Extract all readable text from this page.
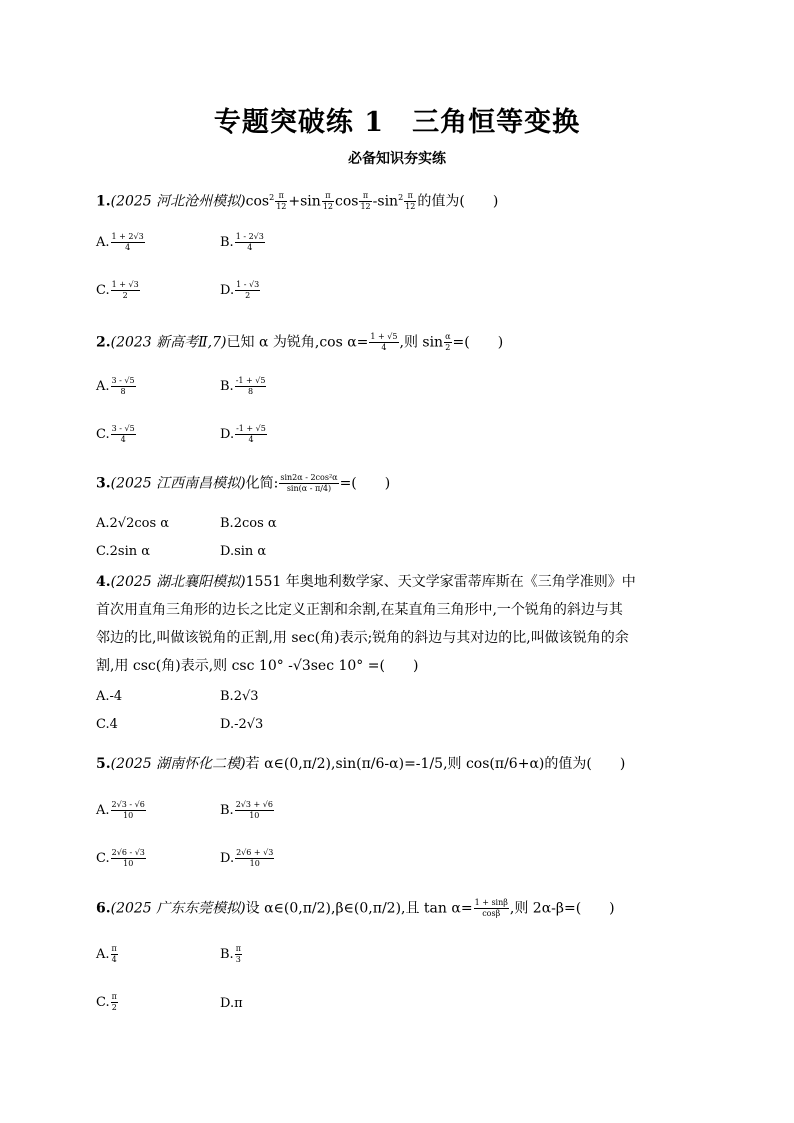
专题突破练 1　三角恒等变换
必备知识夯实练
1.(2025 河北沧州模拟)$\cos^2 \frac{\pi}{12} +\sin \frac{\pi}{12}$ $\cos \frac{\pi}{12} -\sin^2 \frac{\pi}{12}$ 的值为(　　)
A. $\frac{1 + 2√3}{4}$	B. $\frac{1 - 2√3}{4}$
C. $\frac{1 + √3}{2}$	D. $\frac{1 - √3}{2}$
2.(2023 新高考Ⅱ,7)已知 α 为锐角,cos $\alpha= \frac{1 + √5}{4}$ ,则 $\sin \frac{\alpha}{2}$ =(　　)
A. $\frac{3 - √5}{8}$	B. $\frac{-1 + √5}{8}$
C. $\frac{3 - √5}{4}$	D. $\frac{-1 + √5}{4}$
3.(2025 江西南昌模拟)化简: $\frac{\text{sin2α - 2cos²α}}{\sin(\alpha - \pi/4)}$ =(　　)
A.2√2cos α	B.2cos α
C.2sin α	D.sin α
4.(2025 湖北襄阳模拟)1551 年奥地利数学家、天文学家雷蒂库斯在《三角学准则》中
首次用直角三角形的边长之比定义正割和余割,在某直角三角形中,一个锐角的斜边与其
邻边的比,叫做该锐角的正割,用 sec(角)表示;锐角的斜边与其对边的比,叫做该锐角的余
割,用 csc(角)表示,则 csc 10° -√3sec 10° =(　　)
A.-4	B.2√3
C.4	D.-2√3
5.(2025 湖南怀化二模)若 α∈(0,π/2),sin(π/6-α)=-1/5,则 cos(π/6+α)的值为(　　)
A. $\frac{2√3 - √6}{10}$	B. $\frac{2√3 + √6}{10}$
C. $\frac{2√6 - √3}{10}$	D. $\frac{2√6 + √3}{10}$
6.(2025 广东东莞模拟)设 α∈(0,π/2),β∈(0,π/2),且 $\tan \alpha= \frac{1 + \sin\beta}{\cos\beta}$ ,则 2α-β=(　　)
A. $\frac{\pi}{4}$	B. $\frac{\pi}{3}$
C. $\frac{\pi}{2}$	D.π
